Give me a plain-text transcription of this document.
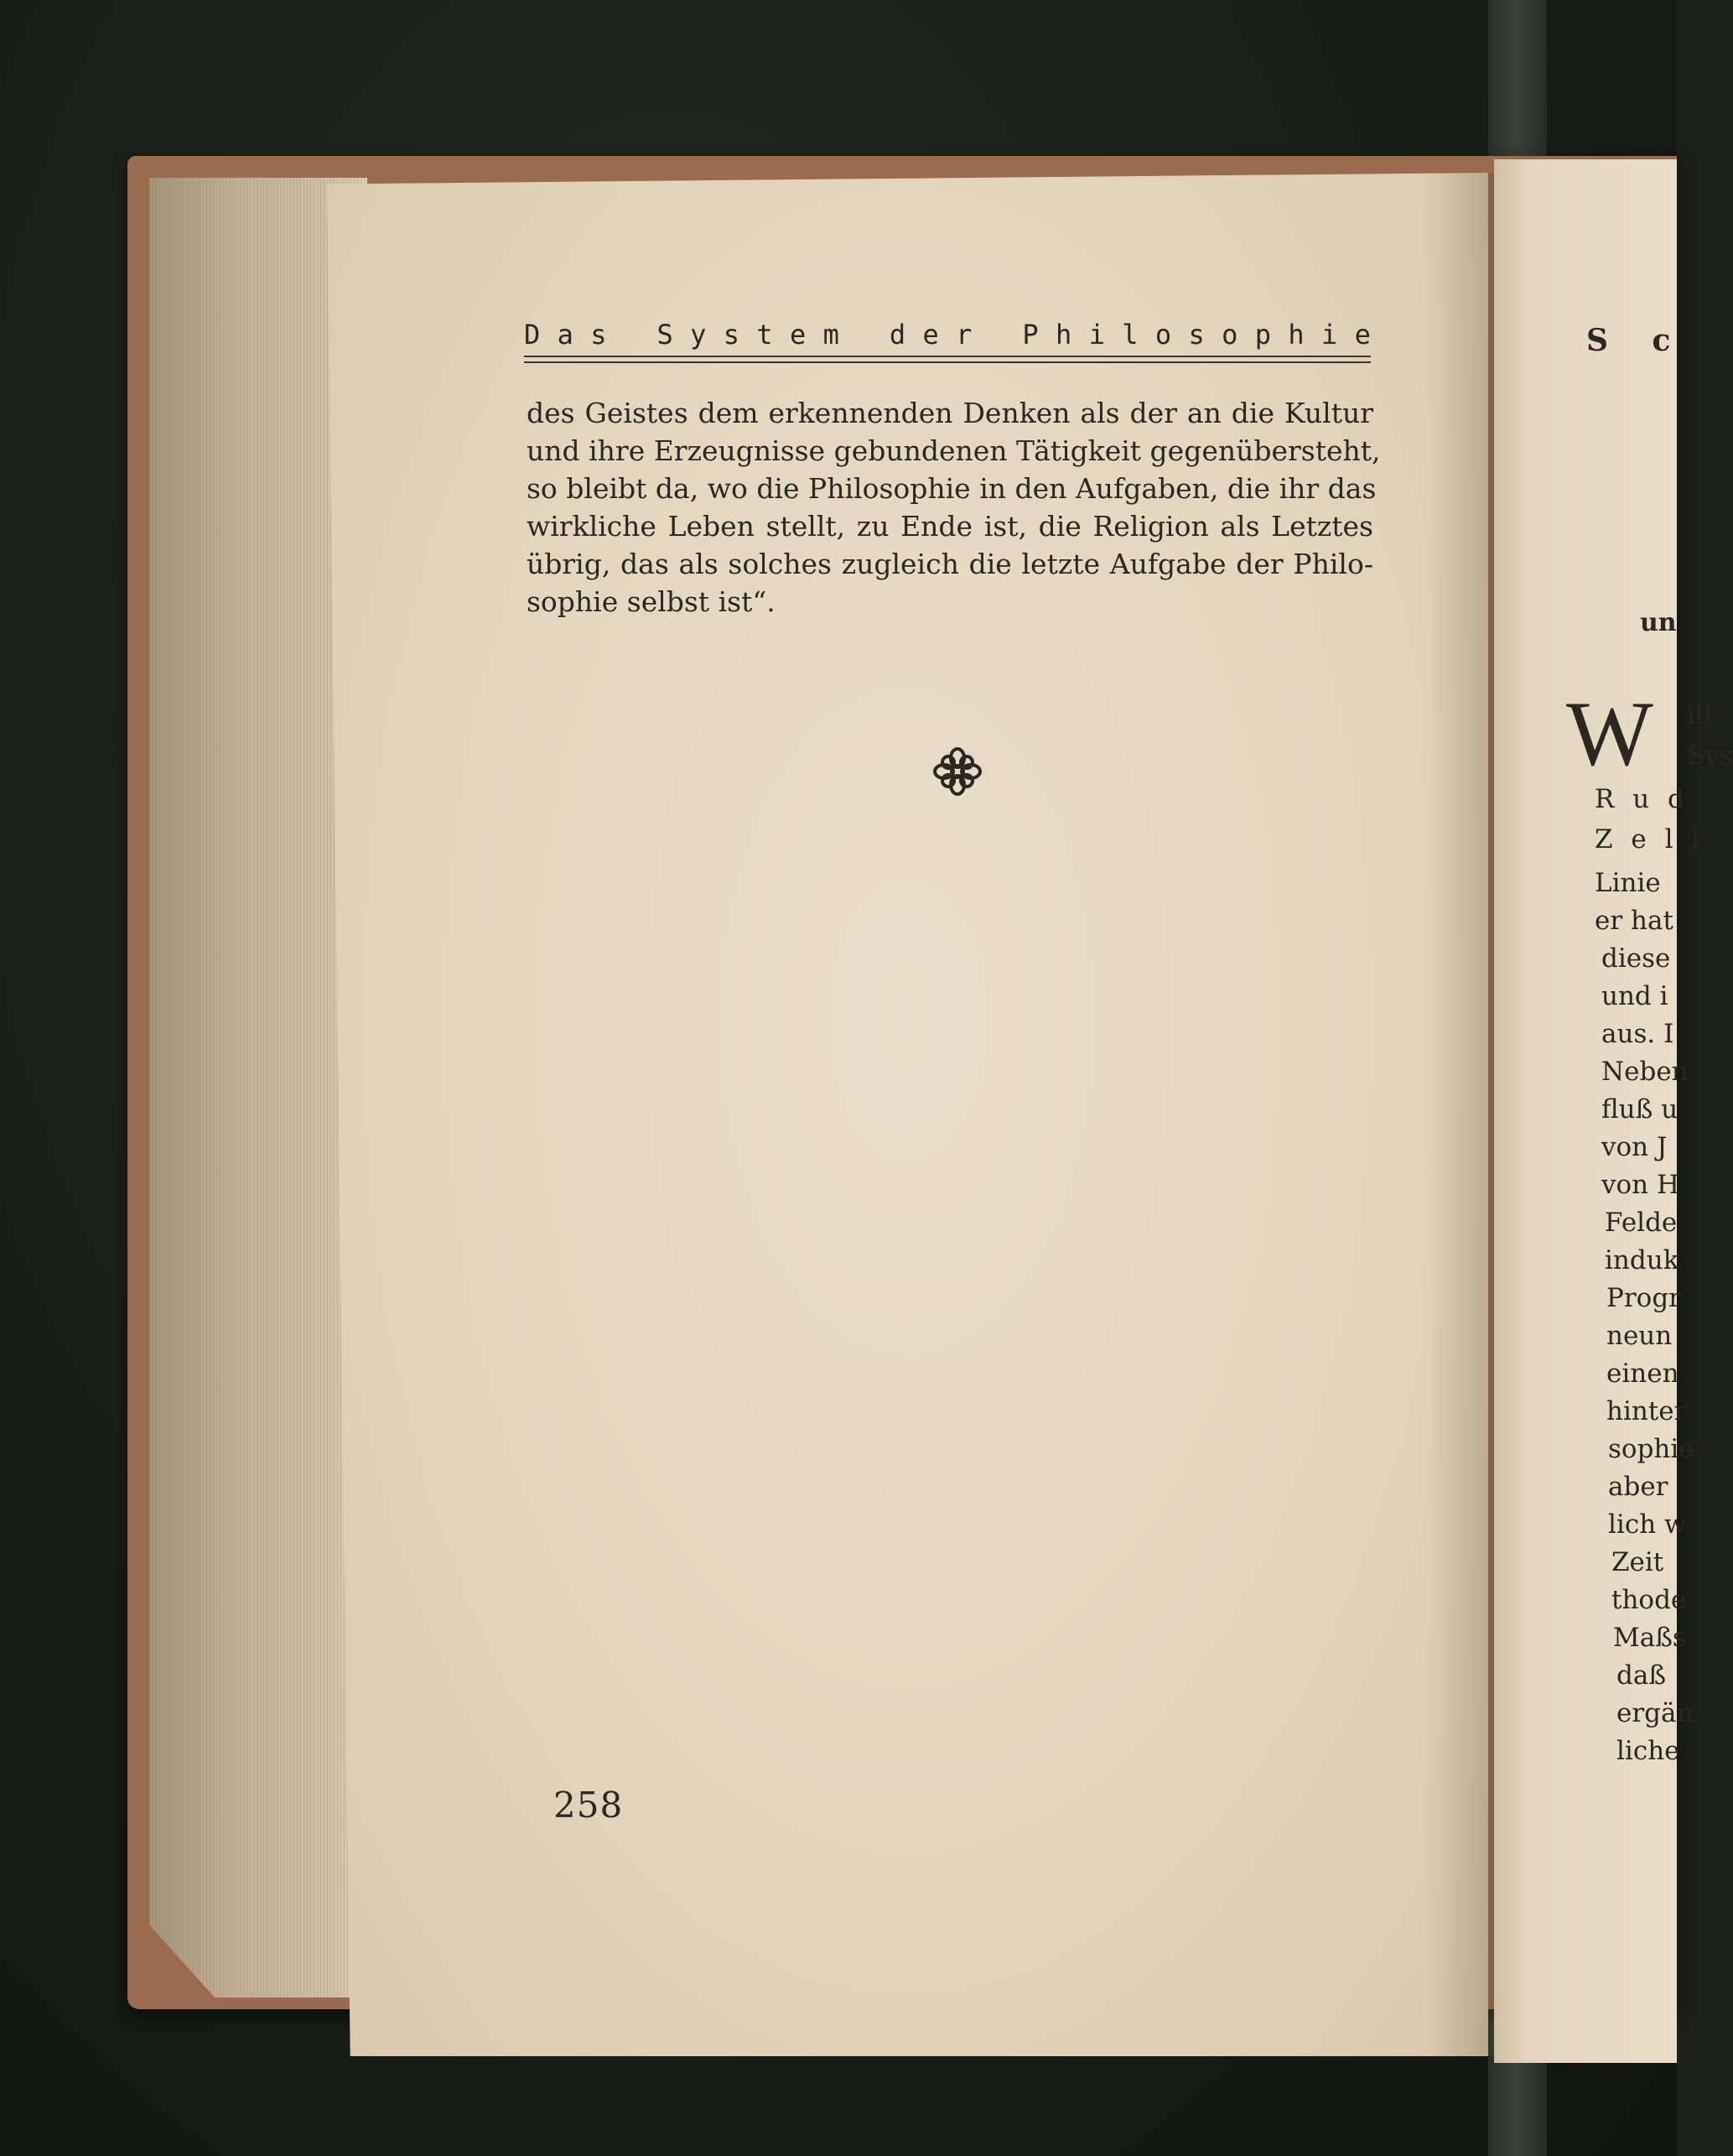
D a s
S y s t e m
d e r
P h i l o s o p h i e
des Geistes dem erkennenden Denken als der an die Kultur
und ihre Erzeugnisse gebundenen Tätigkeit gegenübersteht,
so bleibt da, wo die Philosophie in den Aufgaben, die ihr das
wirkliche Leben stellt, zu Ende ist, die Religion als Letztes
übrig, das als solches zugleich die letzte Aufgabe der Philo-
sophie selbst ist“.
258
S c
un
W ill
Sys
R u d
Z e l l
Linie
er hat
diese
und i
aus. I
Neben
fluß u
von J
von H
Felde
induk
Progr
neun
einen
hinter
sophie
aber
lich w
Zeit
thode
Maßs
daß
ergän
liche
